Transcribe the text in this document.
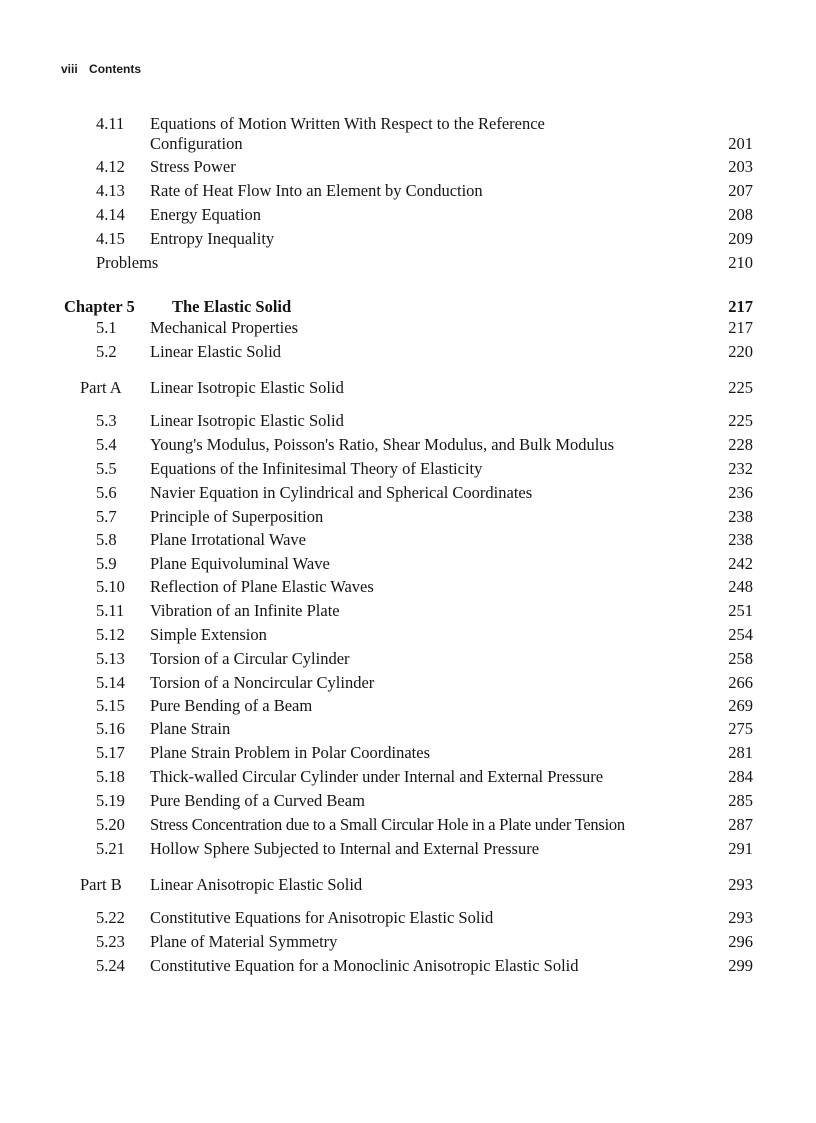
viii Contents
4.11 Equations of Motion Written With Respect to the Reference
Configuration	201
4.12 Stress Power	203
4.13 Rate of Heat Flow Into an Element by Conduction	207
4.14 Energy Equation	208
4.15 Entropy Inequality	209
Problems	210
Chapter 5 The Elastic Solid	217
5.1 Mechanical Properties	217
5.2 Linear Elastic Solid	220
Part A Linear Isotropic Elastic Solid	225
5.3 Linear Isotropic Elastic Solid	225
5.4 Young's Modulus, Poisson's Ratio, Shear Modulus, and Bulk Modulus	228
5.5 Equations of the Infinitesimal Theory of Elasticity	232
5.6 Navier Equation in Cylindrical and Spherical Coordinates	236
5.7 Principle of Superposition	238
5.8 Plane Irrotational Wave	238
5.9 Plane Equivoluminal Wave	242
5.10 Reflection of Plane Elastic Waves	248
5.11 Vibration of an Infinite Plate	251
5.12 Simple Extension	254
5.13 Torsion of a Circular Cylinder	258
5.14 Torsion of a Noncircular Cylinder	266
5.15 Pure Bending of a Beam	269
5.16 Plane Strain	275
5.17 Plane Strain Problem in Polar Coordinates	281
5.18 Thick-walled Circular Cylinder under Internal and External Pressure	284
5.19 Pure Bending of a Curved Beam	285
5.20 Stress Concentration due to a Small Circular Hole in a Plate under Tension	287
5.21 Hollow Sphere Subjected to Internal and External Pressure	291
Part B Linear Anisotropic Elastic Solid	293
5.22 Constitutive Equations for Anisotropic Elastic Solid	293
5.23 Plane of Material Symmetry	296
5.24 Constitutive Equation for a Monoclinic Anisotropic Elastic Solid	299
